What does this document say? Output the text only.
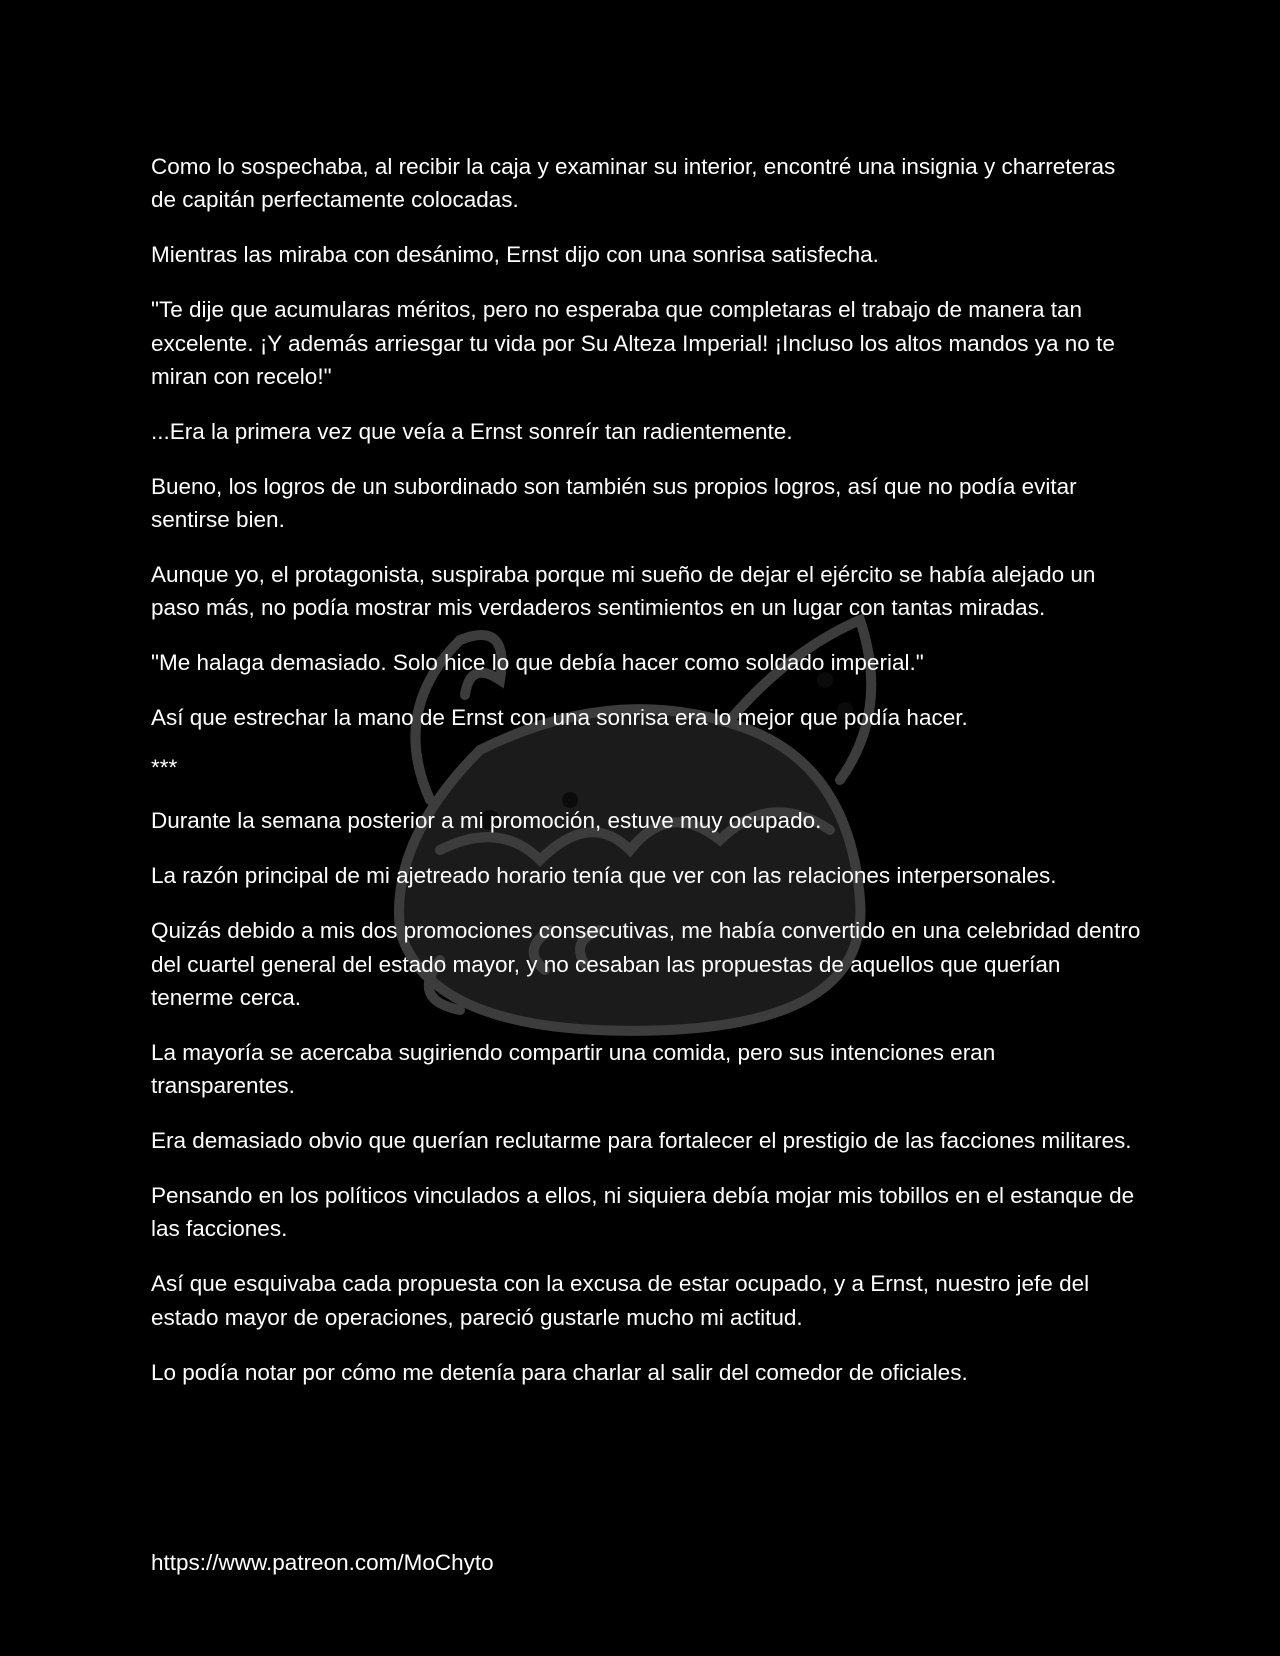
Como lo sospechaba, al recibir la caja y examinar su interior, encontré una insignia y charreteras de capitán perfectamente colocadas.

Mientras las miraba con desánimo, Ernst dijo con una sonrisa satisfecha.

"Te dije que acumularas méritos, pero no esperaba que completaras el trabajo de manera tan excelente. ¡Y además arriesgar tu vida por Su Alteza Imperial! ¡Incluso los altos mandos ya no te miran con recelo!"

...Era la primera vez que veía a Ernst sonreír tan radientemente.

Bueno, los logros de un subordinado son también sus propios logros, así que no podía evitar sentirse bien.

Aunque yo, el protagonista, suspiraba porque mi sueño de dejar el ejército se había alejado un paso más, no podía mostrar mis verdaderos sentimientos en un lugar con tantas miradas.

"Me halaga demasiado. Solo hice lo que debía hacer como soldado imperial."

Así que estrechar la mano de Ernst con una sonrisa era lo mejor que podía hacer.

***

Durante la semana posterior a mi promoción, estuve muy ocupado.

La razón principal de mi ajetreado horario tenía que ver con las relaciones interpersonales.

Quizás debido a mis dos promociones consecutivas, me había convertido en una celebridad dentro del cuartel general del estado mayor, y no cesaban las propuestas de aquellos que querían tenerme cerca.

La mayoría se acercaba sugiriendo compartir una comida, pero sus intenciones eran transparentes.

Era demasiado obvio que querían reclutarme para fortalecer el prestigio de las facciones militares.

Pensando en los políticos vinculados a ellos, ni siquiera debía mojar mis tobillos en el estanque de las facciones.

Así que esquivaba cada propuesta con la excusa de estar ocupado, y a Ernst, nuestro jefe del estado mayor de operaciones, pareció gustarle mucho mi actitud.

Lo podía notar por cómo me detenía para charlar al salir del comedor de oficiales.

https://www.patreon.com/MoChyto
